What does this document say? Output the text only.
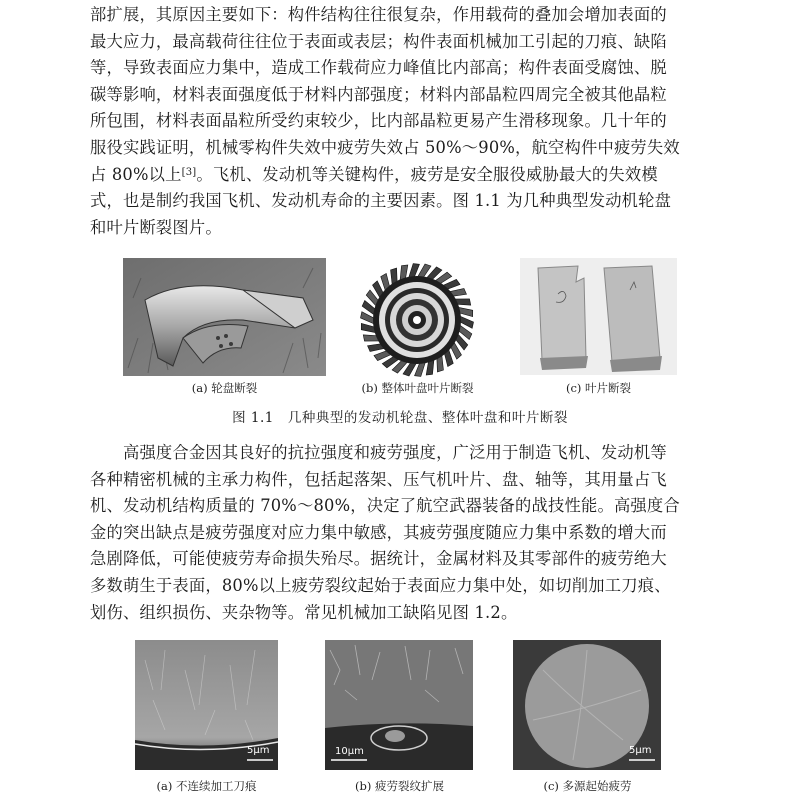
部扩展，其原因主要如下：构件结构往往很复杂，作用载荷的叠加会增加表面的
最大应力，最高载荷往往位于表面或表层；构件表面机械加工引起的刀痕、缺陷
等，导致表面应力集中，造成工作载荷应力峰值比内部高；构件表面受腐蚀、脱
碳等影响，材料表面强度低于材料内部强度；材料内部晶粒四周完全被其他晶粒
所包围，材料表面晶粒所受约束较少，比内部晶粒更易产生滑移现象。几十年的
服役实践证明，机械零构件失效中疲劳失效占 50%～90%，航空构件中疲劳失效
占 80%以上[3]。飞机、发动机等关键构件，疲劳是安全服役威胁最大的失效模
式，也是制约我国飞机、发动机寿命的主要因素。图 1.1 为几种典型发动机轮盘
和叶片断裂图片。
(a) 轮盘断裂	(b) 整体叶盘叶片断裂	(c) 叶片断裂
图 1.1　几种典型的发动机轮盘、整体叶盘和叶片断裂
　　高强度合金因其良好的抗拉强度和疲劳强度，广泛用于制造飞机、发动机等
各种精密机械的主承力构件，包括起落架、压气机叶片、盘、轴等，其用量占飞
机、发动机结构质量的 70%～80%，决定了航空武器装备的战技性能。高强度合
金的突出缺点是疲劳强度对应力集中敏感，其疲劳强度随应力集中系数的增大而
急剧降低，可能使疲劳寿命损失殆尽。据统计，金属材料及其零部件的疲劳绝大
多数萌生于表面，80%以上疲劳裂纹起始于表面应力集中处，如切削加工刀痕、
划伤、组织损伤、夹杂物等。常见机械加工缺陷见图 1.2。
5μm	10μm	5μm
(a) 不连续加工刀痕	(b) 疲劳裂纹扩展	(c) 多源起始疲劳
